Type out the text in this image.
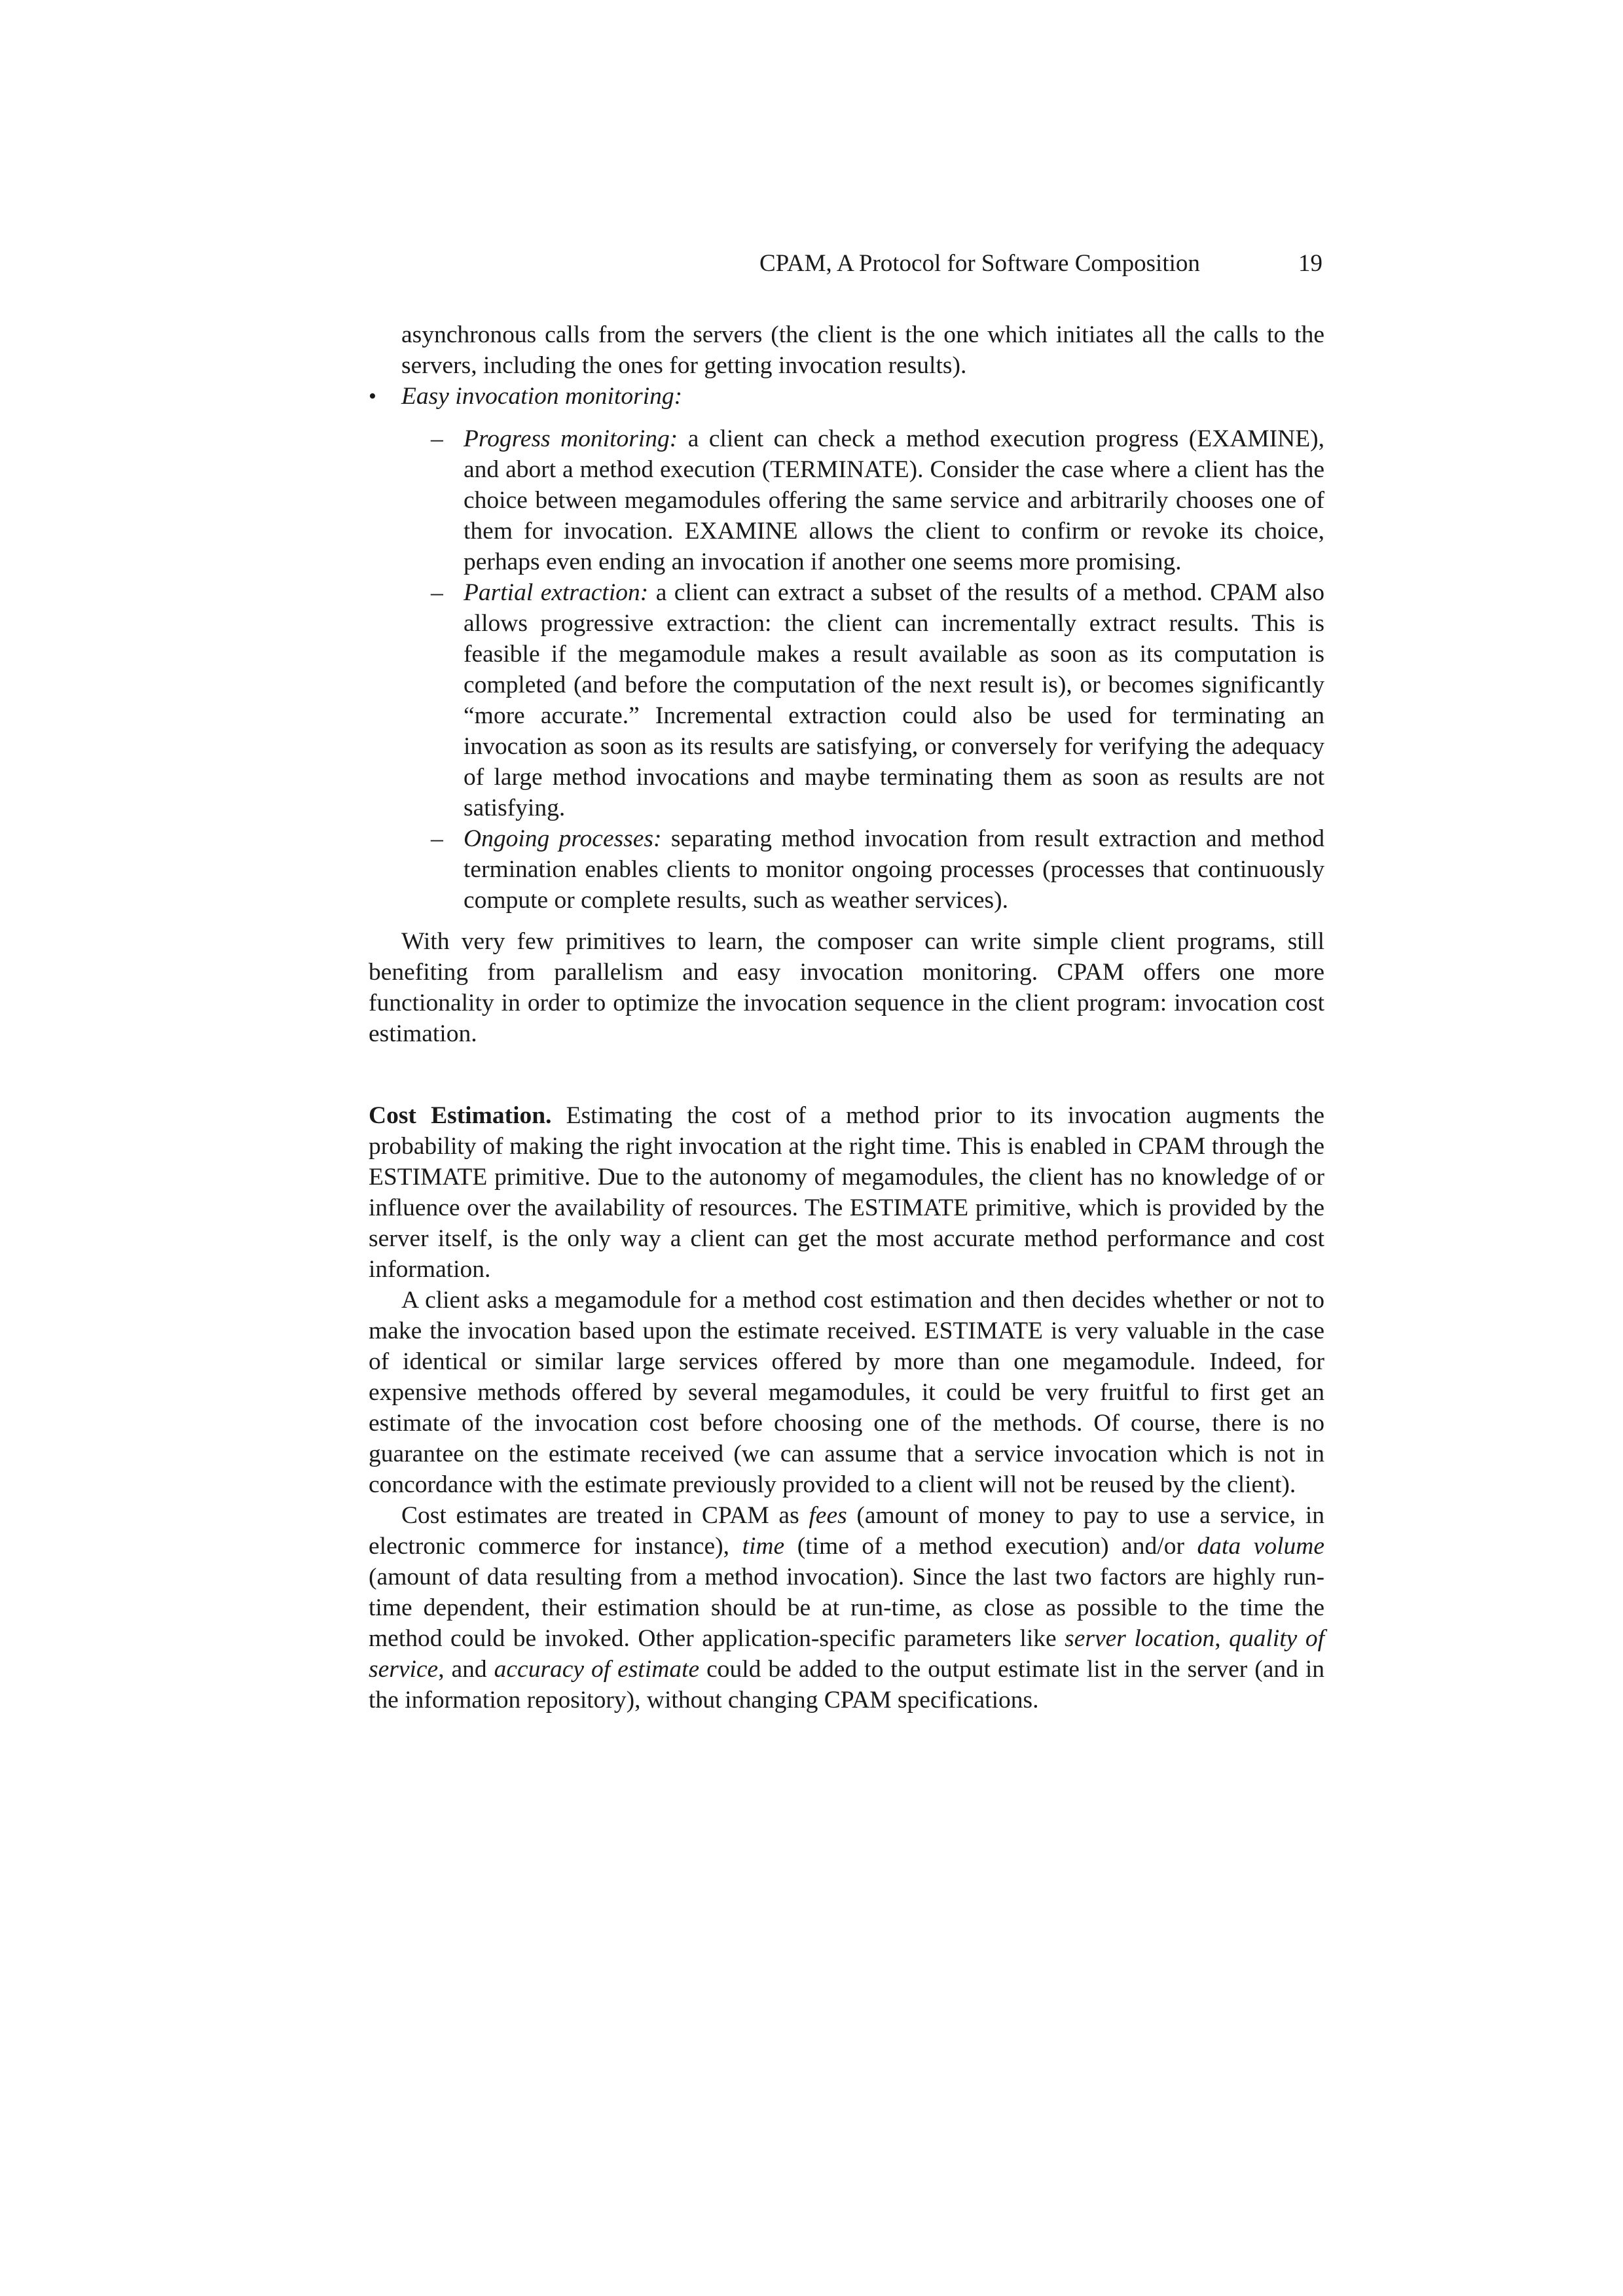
CPAM, A Protocol for Software Composition	19

asynchronous calls from the servers (the client is the one which initiates all the calls to the servers, including the ones for getting invocation results).

• Easy invocation monitoring:
– Progress monitoring: a client can check a method execution progress (EXAMINE), and abort a method execution (TERMINATE). Consider the case where a client has the choice between megamodules offering the same service and arbitrarily chooses one of them for invocation. EXAMINE allows the client to confirm or revoke its choice, perhaps even ending an invocation if another one seems more promising.

– Partial extraction: a client can extract a subset of the results of a method. CPAM also allows progressive extraction: the client can incrementally extract results. This is feasible if the megamodule makes a result available as soon as its computation is completed (and before the computation of the next result is), or becomes significantly “more accurate.” Incremental extraction could also be used for terminating an invocation as soon as its results are satisfying, or conversely for verifying the adequacy of large method invocations and maybe terminating them as soon as results are not satisfying.

– Ongoing processes: separating method invocation from result extraction and method termination enables clients to monitor ongoing processes (processes that continuously compute or complete results, such as weather services).

With very few primitives to learn, the composer can write simple client programs, still benefiting from parallelism and easy invocation monitoring. CPAM offers one more functionality in order to optimize the invocation sequence in the client program: invocation cost estimation.

Cost Estimation. Estimating the cost of a method prior to its invocation augments the probability of making the right invocation at the right time. This is enabled in CPAM through the ESTIMATE primitive. Due to the autonomy of megamodules, the client has no knowledge of or influence over the availability of resources. The ESTIMATE primitive, which is provided by the server itself, is the only way a client can get the most accurate method performance and cost information.

A client asks a megamodule for a method cost estimation and then decides whether or not to make the invocation based upon the estimate received. ESTIMATE is very valuable in the case of identical or similar large services offered by more than one megamodule. Indeed, for expensive methods offered by several megamodules, it could be very fruitful to first get an estimate of the invocation cost before choosing one of the methods. Of course, there is no guarantee on the estimate received (we can assume that a service invocation which is not in concordance with the estimate previously provided to a client will not be reused by the client).

Cost estimates are treated in CPAM as fees (amount of money to pay to use a service, in electronic commerce for instance), time (time of a method execution) and/or data volume (amount of data resulting from a method invocation). Since the last two factors are highly run-time dependent, their estimation should be at run-time, as close as possible to the time the method could be invoked. Other application-specific parameters like server location, quality of service, and accuracy of estimate could be added to the output estimate list in the server (and in the information repository), without changing CPAM specifications.
